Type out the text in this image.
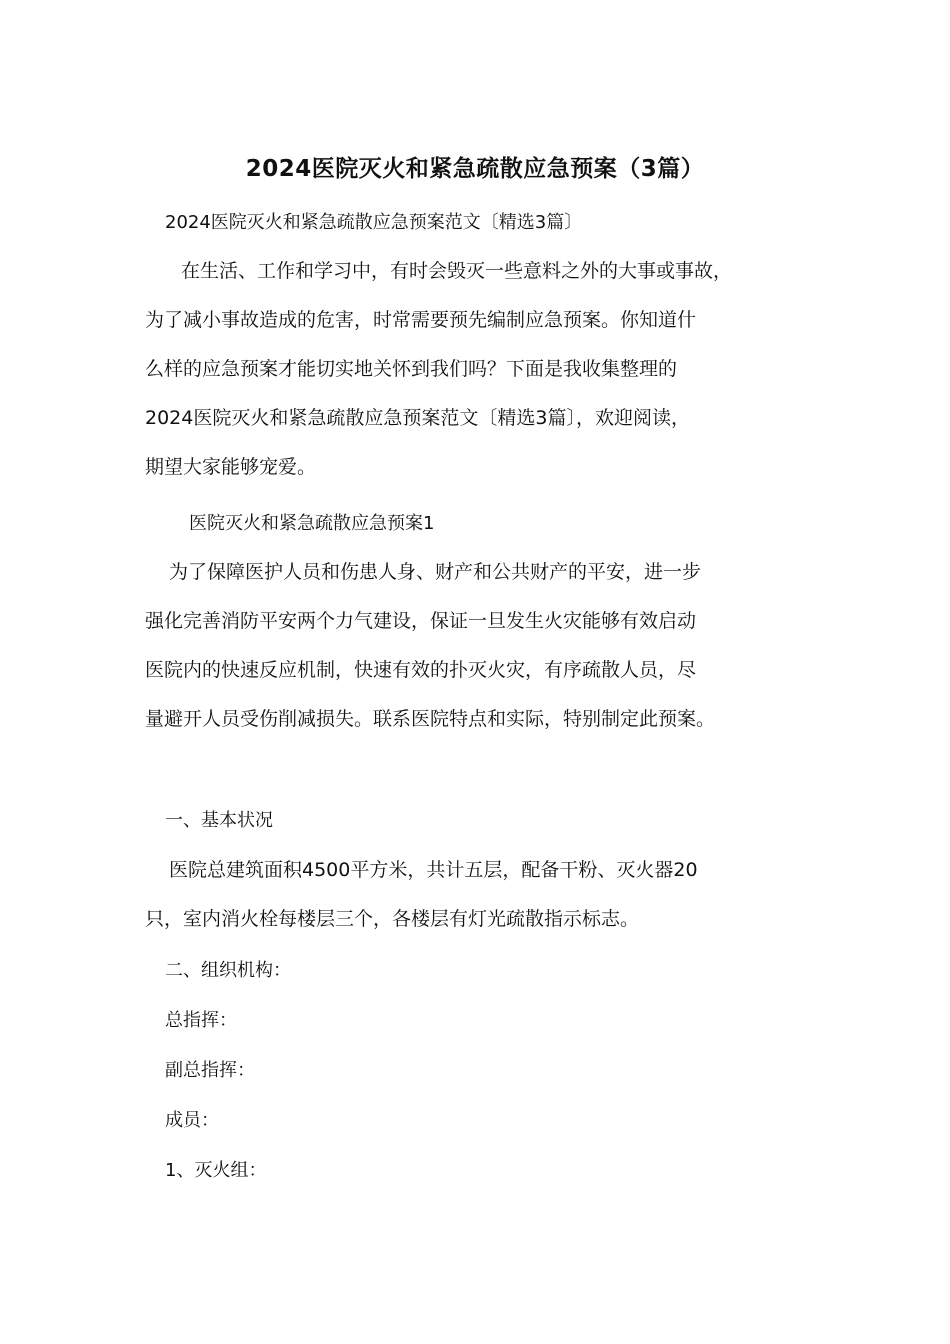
2024医院灭火和紧急疏散应急预案（3篇）
2024医院灭火和紧急疏散应急预案范文〔精选3篇〕
在生活、工作和学习中，有时会毁灭一些意料之外的大事或事故，
为了减小事故造成的危害，时常需要预先编制应急预案。你知道什
么样的应急预案才能切实地关怀到我们吗？下面是我收集整理的
2024医院灭火和紧急疏散应急预案范文〔精选3篇〕，欢迎阅读，
期望大家能够宠爱。
医院灭火和紧急疏散应急预案1
为了保障医护人员和伤患人身、财产和公共财产的平安，进一步
强化完善消防平安两个力气建设，保证一旦发生火灾能够有效启动
医院内的快速反应机制，快速有效的扑灭火灾，有序疏散人员，尽
量避开人员受伤削减损失。联系医院特点和实际，特别制定此预案。
一、基本状况
医院总建筑面积4500平方米，共计五层，配备干粉、灭火器20
只，室内消火栓每楼层三个，各楼层有灯光疏散指示标志。
二、组织机构：
总指挥：
副总指挥：
成员：
1、灭火组：
